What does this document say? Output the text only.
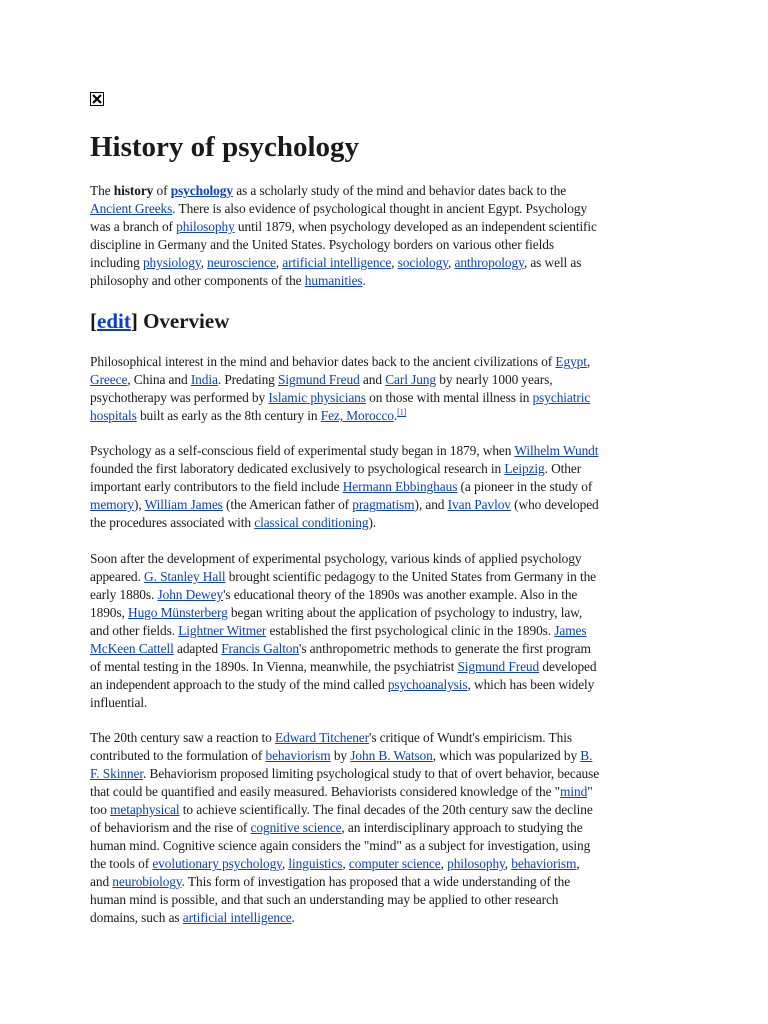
History of psychology
The history of psychology as a scholarly study of the mind and behavior dates back to the
Ancient Greeks. There is also evidence of psychological thought in ancient Egypt. Psychology
was a branch of philosophy until 1879, when psychology developed as an independent scientific
discipline in Germany and the United States. Psychology borders on various other fields
including physiology, neuroscience, artificial intelligence, sociology, anthropology, as well as
philosophy and other components of the humanities.
[edit] Overview
Philosophical interest in the mind and behavior dates back to the ancient civilizations of Egypt,
Greece, China and India. Predating Sigmund Freud and Carl Jung by nearly 1000 years,
psychotherapy was performed by Islamic physicians on those with mental illness in psychiatric
hospitals built as early as the 8th century in Fez, Morocco.[1]
Psychology as a self-conscious field of experimental study began in 1879, when Wilhelm Wundt
founded the first laboratory dedicated exclusively to psychological research in Leipzig. Other
important early contributors to the field include Hermann Ebbinghaus (a pioneer in the study of
memory), William James (the American father of pragmatism), and Ivan Pavlov (who developed
the procedures associated with classical conditioning).
Soon after the development of experimental psychology, various kinds of applied psychology
appeared. G. Stanley Hall brought scientific pedagogy to the United States from Germany in the
early 1880s. John Dewey's educational theory of the 1890s was another example. Also in the
1890s, Hugo Münsterberg began writing about the application of psychology to industry, law,
and other fields. Lightner Witmer established the first psychological clinic in the 1890s. James
McKeen Cattell adapted Francis Galton's anthropometric methods to generate the first program
of mental testing in the 1890s. In Vienna, meanwhile, the psychiatrist Sigmund Freud developed
an independent approach to the study of the mind called psychoanalysis, which has been widely
influential.
The 20th century saw a reaction to Edward Titchener's critique of Wundt's empiricism. This
contributed to the formulation of behaviorism by John B. Watson, which was popularized by B.
F. Skinner. Behaviorism proposed limiting psychological study to that of overt behavior, because
that could be quantified and easily measured. Behaviorists considered knowledge of the "mind"
too metaphysical to achieve scientifically. The final decades of the 20th century saw the decline
of behaviorism and the rise of cognitive science, an interdisciplinary approach to studying the
human mind. Cognitive science again considers the "mind" as a subject for investigation, using
the tools of evolutionary psychology, linguistics, computer science, philosophy, behaviorism,
and neurobiology. This form of investigation has proposed that a wide understanding of the
human mind is possible, and that such an understanding may be applied to other research
domains, such as artificial intelligence.
